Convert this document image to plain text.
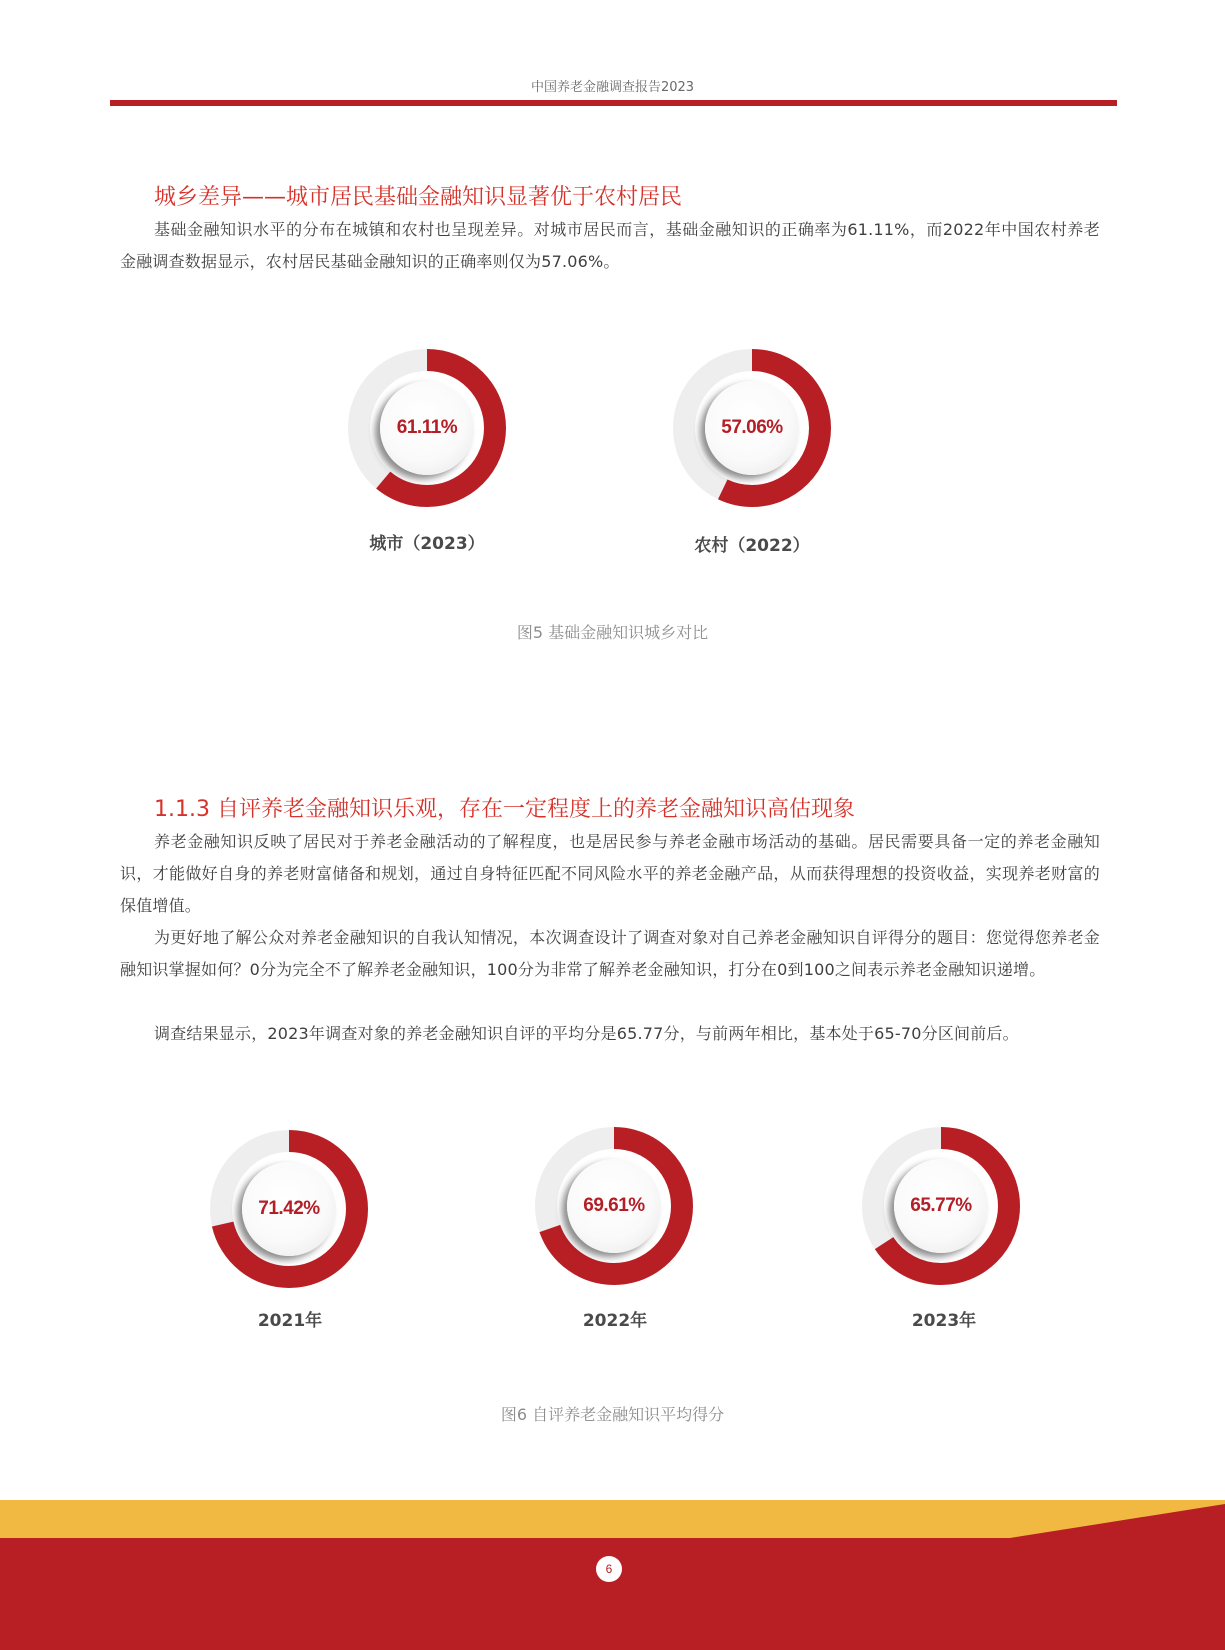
中国养老金融调查报告2023
城乡差异——城市居民基础金融知识显著优于农村居民

基础金融知识水平的分布在城镇和农村也呈现差异。对城市居民而言，基础金融知识的正确率为61.11%，而2022年中国农村养老金融调查数据显示，农村居民基础金融知识的正确率则仅为57.06%。

61.11%
城市（2023）
57.06%
农村（2022）
图5 基础金融知识城乡对比
1.1.3 自评养老金融知识乐观，存在一定程度上的养老金融知识高估现象

养老金融知识反映了居民对于养老金融活动的了解程度，也是居民参与养老金融市场活动的基础。居民需要具备一定的养老金融知识，才能做好自身的养老财富储备和规划，通过自身特征匹配不同风险水平的养老金融产品，从而获得理想的投资收益，实现养老财富的保值增值。

为更好地了解公众对养老金融知识的自我认知情况，本次调查设计了调查对象对自己养老金融知识自评得分的题目：您觉得您养老金融知识掌握如何？0分为完全不了解养老金融知识，100分为非常了解养老金融知识，打分在0到100之间表示养老金融知识递增。

调查结果显示，2023年调查对象的养老金融知识自评的平均分是65.77分，与前两年相比，基本处于65-70分区间前后。

71.42%
2021年
69.61%
2022年
65.77%
2023年
图6 自评养老金融知识平均得分
6
